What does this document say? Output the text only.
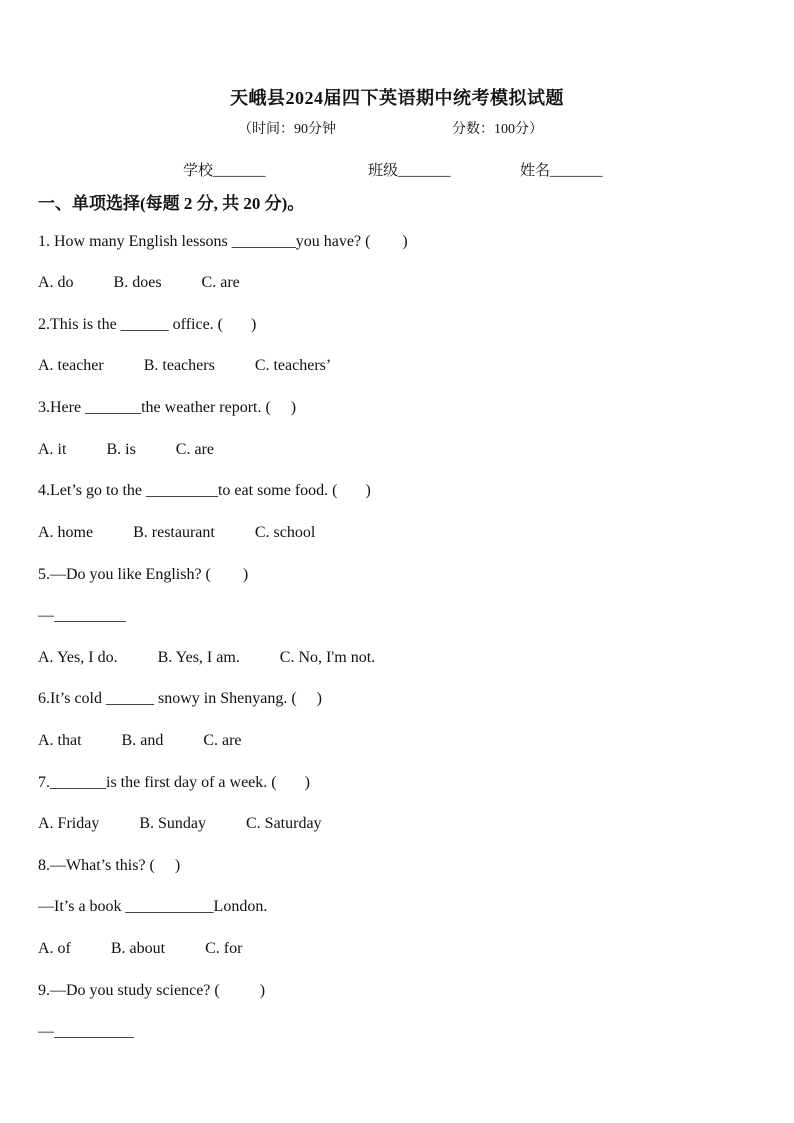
天峨县2024届四下英语期中统考模拟试题
（时间：90分钟	分数：100分）
学校_______	班级_______	姓名_______
一、单项选择(每题 2 分, 共 20 分)。
1. How many English lessons ________you have? (        )
A. do          B. does          C. are
2.This is the ______ office. (       )
A. teacher          B. teachers          C. teachers’
3.Here _______the weather report. (     )
A. it          B. is          C. are
4.Let’s go to the _________to eat some food. (       )
A. home          B. restaurant          C. school
5.—Do you like English? (        )
—_________
A. Yes, I do.          B. Yes, I am.          C. No, I'm not.
6.It’s cold ______ snowy in Shenyang. (     )
A. that          B. and          C. are
7._______is the first day of a week. (       )
A. Friday          B. Sunday          C. Saturday
8.—What’s this? (     )
—It’s a book ___________London.
A. of          B. about          C. for
9.—Do you study science? (          )
—__________
